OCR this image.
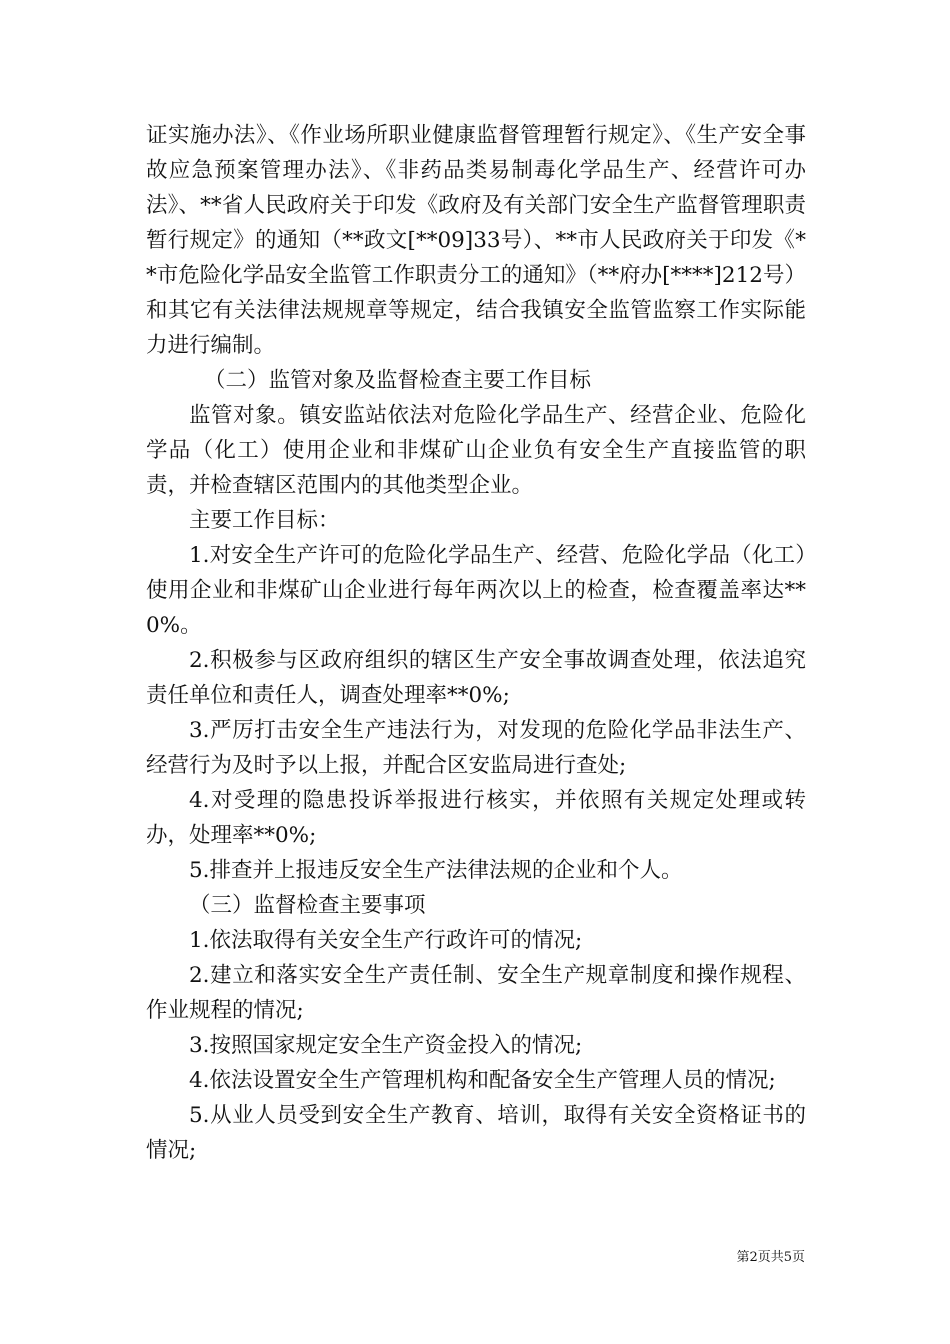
证实施办法》、《作业场所职业健康监督管理暂行规定》、《生产安全事故应急预案管理办法》、《非药品类易制毒化学品生产、经营许可办法》、**省人民政府关于印发《政府及有关部门安全生产监督管理职责暂行规定》的通知（**政文[**09]33号）、**市人民政府关于印发《**市危险化学品安全监管工作职责分工的通知》（**府办[****]212号）和其它有关法律法规规章等规定，结合我镇安全监管监察工作实际能力进行编制。

（二）监管对象及监督检查主要工作目标

监管对象。镇安监站依法对危险化学品生产、经营企业、危险化学品（化工）使用企业和非煤矿山企业负有安全生产直接监管的职责，并检查辖区范围内的其他类型企业。

主要工作目标：

1.对安全生产许可的危险化学品生产、经营、危险化学品（化工）使用企业和非煤矿山企业进行每年两次以上的检查，检查覆盖率达**0%。

2.积极参与区政府组织的辖区生产安全事故调查处理，依法追究责任单位和责任人，调查处理率**0%;

3.严厉打击安全生产违法行为，对发现的危险化学品非法生产、经营行为及时予以上报，并配合区安监局进行查处;

4.对受理的隐患投诉举报进行核实，并依照有关规定处理或转办，处理率**0%;

5.排查并上报违反安全生产法律法规的企业和个人。

（三）监督检查主要事项

1.依法取得有关安全生产行政许可的情况;

2.建立和落实安全生产责任制、安全生产规章制度和操作规程、作业规程的情况;

3.按照国家规定安全生产资金投入的情况;

4.依法设置安全生产管理机构和配备安全生产管理人员的情况;

5.从业人员受到安全生产教育、培训，取得有关安全资格证书的情况;

第2页共5页
